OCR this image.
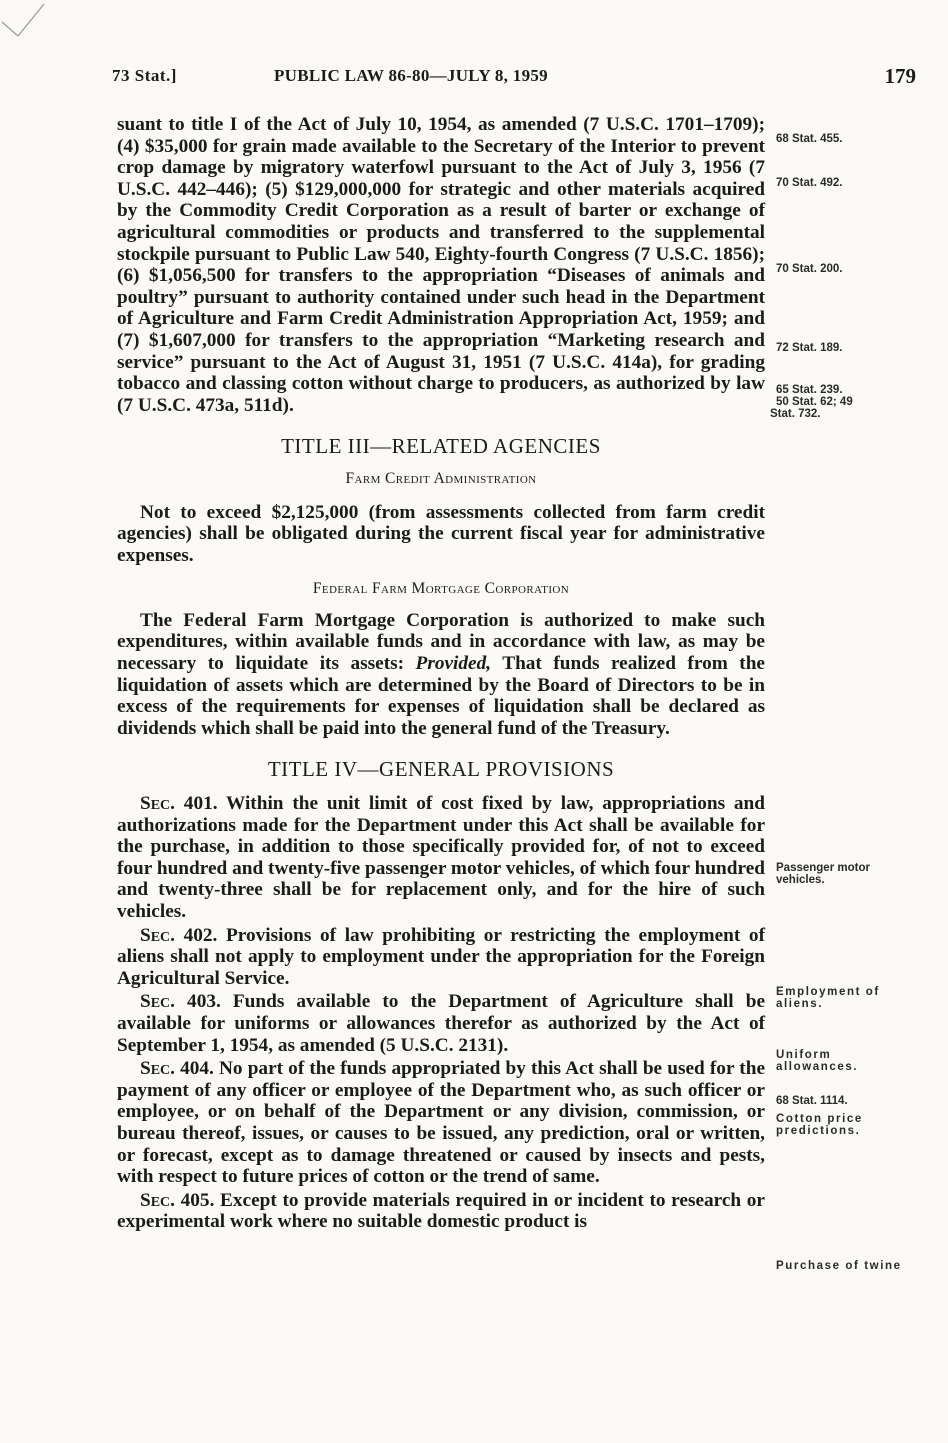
73 Stat.]	PUBLIC LAW 86-80—JULY 8, 1959	179

suant to title I of the Act of July 10, 1954, as amended (7 U.S.C. 1701–1709); (4) $35,000 for grain made available to the Secretary of the Interior to prevent crop damage by migratory waterfowl pursuant to the Act of July 3, 1956 (7 U.S.C. 442–446); (5) $129,000,000 for strategic and other materials acquired by the Commodity Credit Corporation as a result of barter or exchange of agricultural commodities or products and transferred to the supplemental stockpile pursuant to Public Law 540, Eighty-fourth Congress (7 U.S.C. 1856); (6) $1,056,500 for transfers to the appropriation “Diseases of animals and poultry” pursuant to authority contained under such head in the Department of Agriculture and Farm Credit Administration Appropriation Act, 1959; and (7) $1,607,000 for transfers to the appropriation “Marketing research and service” pursuant to the Act of August 31, 1951 (7 U.S.C. 414a), for grading tobacco and classing cotton without charge to producers, as authorized by law (7 U.S.C. 473a, 511d).

TITLE III—RELATED AGENCIES

Farm Credit Administration

Not to exceed $2,125,000 (from assessments collected from farm credit agencies) shall be obligated during the current fiscal year for administrative expenses.

Federal Farm Mortgage Corporation

The Federal Farm Mortgage Corporation is authorized to make such expenditures, within available funds and in accordance with law, as may be necessary to liquidate its assets: Provided, That funds realized from the liquidation of assets which are determined by the Board of Directors to be in excess of the requirements for expenses of liquidation shall be declared as dividends which shall be paid into the general fund of the Treasury.

TITLE IV—GENERAL PROVISIONS

Sec. 401. Within the unit limit of cost fixed by law, appropriations and authorizations made for the Department under this Act shall be available for the purchase, in addition to those specifically provided for, of not to exceed four hundred and twenty-five passenger motor vehicles, of which four hundred and twenty-three shall be for replacement only, and for the hire of such vehicles.

Sec. 402. Provisions of law prohibiting or restricting the employment of aliens shall not apply to employment under the appropriation for the Foreign Agricultural Service.

Sec. 403. Funds available to the Department of Agriculture shall be available for uniforms or allowances therefor as authorized by the Act of September 1, 1954, as amended (5 U.S.C. 2131).

Sec. 404. No part of the funds appropriated by this Act shall be used for the payment of any officer or employee of the Department who, as such officer or employee, or on behalf of the Department or any division, commission, or bureau thereof, issues, or causes to be issued, any prediction, oral or written, or forecast, except as to damage threatened or caused by insects and pests, with respect to future prices of cotton or the trend of same.

Sec. 405. Except to provide materials required in or incident to research or experimental work where no suitable domestic product is

68 Stat. 455.
70 Stat. 492.
70 Stat. 200.
72 Stat. 189.
65 Stat. 239.
50 Stat. 62; 49
Stat. 732.
Passenger motor vehicles.
Employment of aliens.
Uniform allowances.
68 Stat. 1114.
Cotton price predictions.
Purchase of twine
